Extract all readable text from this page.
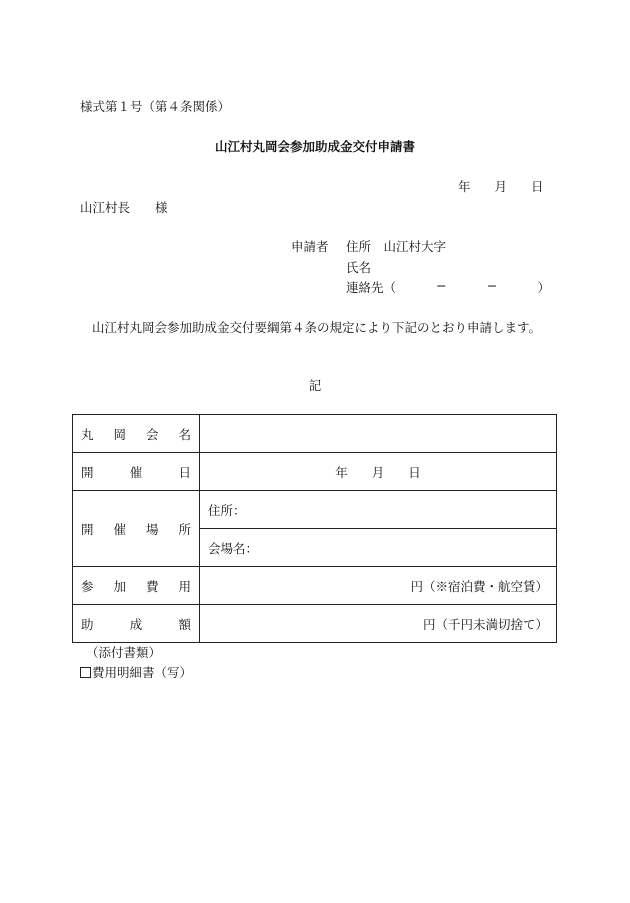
様式第１号（第４条関係）
山江村丸岡会参加助成金交付申請書
年 月 日
山江村長　　様
申請者 住所　山江村大字
氏名
連絡先（	−	−	）
山江村丸岡会参加助成金交付要綱第４条の規定により下記のとおり申請します。
記
丸 岡 会 名	

開 催 日	年 月 日

開 催 場 所	住所：
	会場名：

参 加 費 用	円（※宿泊費・航空賃）

助 成 額	円（千円未満切捨て）
（添付書類）
費用明細書（写）
